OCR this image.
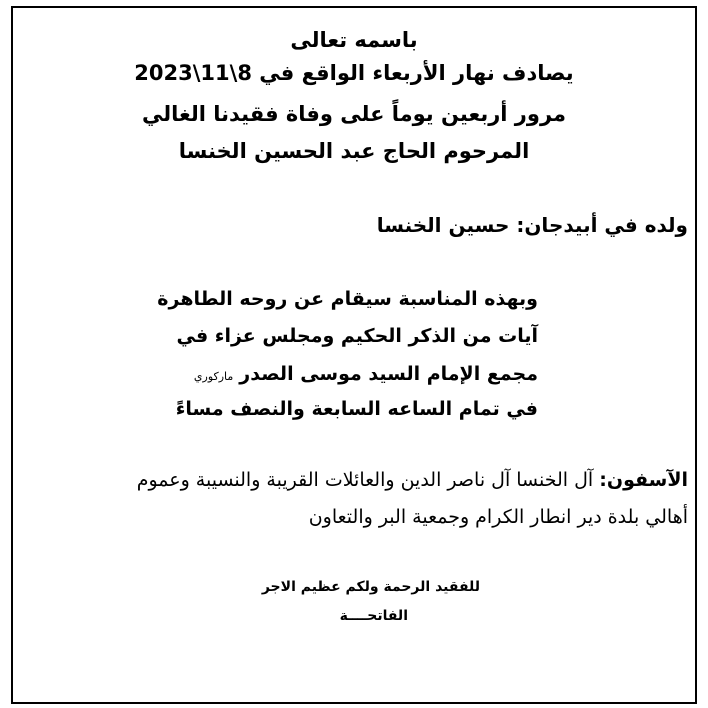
باسمه تعالى
يصادف نهار الأربعاء الواقع في 8\11\2023
مرور أربعين يوماً على وفاة فقيدنا الغالي
المرحوم الحاج عبد الحسين الخنسا
ولده في أبيدجان: حسين الخنسا
وبهذه المناسبة سيقام عن روحه الطاهرة
آيات من الذكر الحكيم ومجلس عزاء في
مجمع الإمام السيد موسى الصدرماركوري
في تمام الساعه السابعة والنصف مساءً
الآسفون: آل الخنسا آل ناصر الدين والعائلات القريبة والنسيبة وعموم
أهالي بلدة دير انطار الكرام وجمعية البر والتعاون
للفقيد الرحمة ولكم عظيم الاجر
الفاتحــــة
